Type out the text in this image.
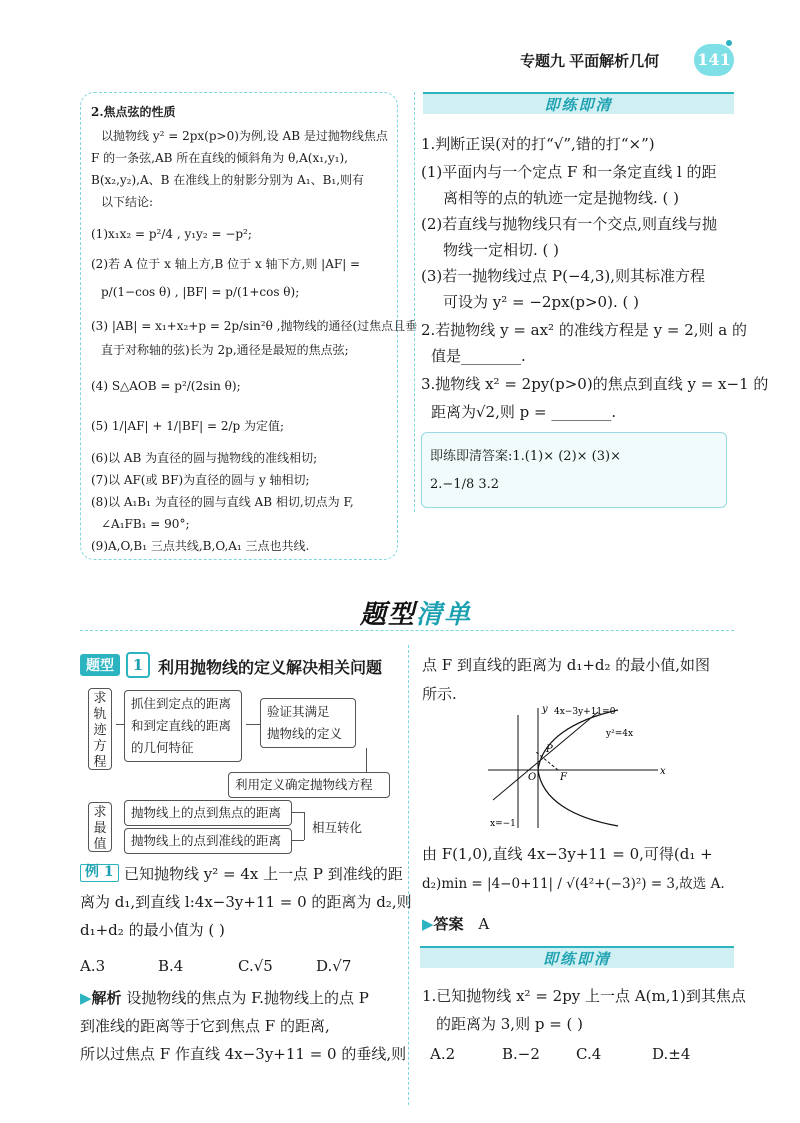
专题九 平面解析几何 141
2.焦点弦的性质
以抛物线 y² = 2px(p>0)为例,设 AB 是过抛物线焦点
F 的一条弦,AB 所在直线的倾斜角为 θ,A(x₁,y₁),
B(x₂,y₂),A、B 在准线上的射影分别为 A₁、B₁,则有
以下结论:
(1)x₁x₂ = p²/4 , y₁y₂ = −p²;
(2)若 A 位于 x 轴上方,B 位于 x 轴下方,则 |AF| =
p/(1−cos θ) , |BF| = p/(1+cos θ);
(3) |AB| = x₁+x₂+p = 2p/sin²θ ,抛物线的通径(过焦点且垂
直于对称轴的弦)长为 2p,通径是最短的焦点弦;
(4) S△AOB = p²/(2sin θ);
(5) 1/|AF| + 1/|BF| = 2/p 为定值;
(6)以 AB 为直径的圆与抛物线的准线相切;
(7)以 AF(或 BF)为直径的圆与 y 轴相切;
(8)以 A₁B₁ 为直径的圆与直线 AB 相切,切点为 F,
∠A₁FB₁ = 90°;
(9)A,O,B₁ 三点共线,B,O,A₁ 三点也共线.
即练即清
1.判断正误(对的打“√”,错的打“×”)
(1)平面内与一个定点 F 和一条定直线 l 的距
离相等的点的轨迹一定是抛物线. ( )
(2)若直线与抛物线只有一个交点,则直线与抛
物线一定相切. ( )
(3)若一抛物线过点 P(−4,3),则其标准方程
可设为 y² = −2px(p>0). ( )
2.若抛物线 y = ax² 的准线方程是 y = 2,则 a 的
值是________.
3.抛物线 x² = 2py(p>0)的焦点到直线 y = x−1 的
距离为√2,则 p = ________.
即练即清答案:1.(1)× (2)× (3)×
2.−1/8 3.2
题型清单
题型	1 利用抛物线的定义解决相关问题
求轨迹方程
抓住到定点的距离
和到定直线的距离
的几何特征
验证其满足
抛物线的定义
利用定义确定抛物线方程
求最值
抛物线上的点到焦点的距离
抛物线上的点到准线的距离
相互转化
例 1 已知抛物线 y² = 4x 上一点 P 到准线的距
离为 d₁,到直线 l:4x−3y+11 = 0 的距离为 d₂,则
d₁+d₂ 的最小值为 ( )
A.3	B.4	C.√5	D.√7
▶解析 设抛物线的焦点为 F.抛物线上的点 P
到准线的距离等于它到焦点 F 的距离,
所以过焦点 F 作直线 4x−3y+11 = 0 的垂线,则
点 F 到直线的距离为 d₁+d₂ 的最小值,如图
所示.
4x−3y+11=0
y²=4x
P
O F
x
y
x=−1
由 F(1,0),直线 4x−3y+11 = 0,可得(d₁ +
d₂)min = |4−0+11| / √(4²+(−3)²) = 3,故选 A.
▶答案 A
即练即清
1.已知抛物线 x² = 2py 上一点 A(m,1)到其焦点
的距离为 3,则 p = ( )
A.2	B.−2 C.4	D.±4
